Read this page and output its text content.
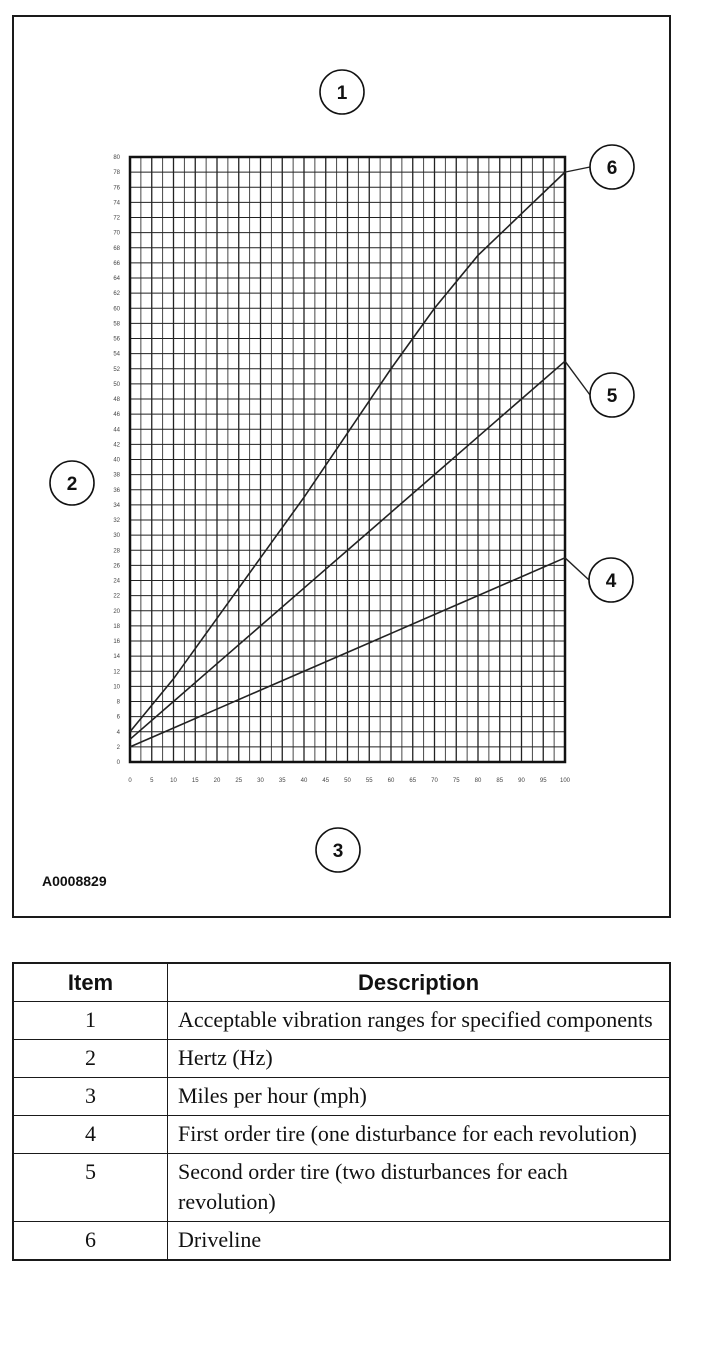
0	5	10	15	20	25	30	35	40	45	50	55	60	65	70	75	80	85	90	95 100
0
2
4
6
8
10
12
14
16
18
20
22
24
26
28
30
32
34
36
38
40
42
44
46
48
50
52
54
56
58
60
62
64
66
68
70
72
74
76
78
80
1
2
3
4
5
6
A0008829
Item	Description
1	Acceptable vibration ranges for specified components
2	Hertz (Hz)
3	Miles per hour (mph)
4	First order tire (one disturbance for each revolution)
5	Second order tire (two disturbances for each revolution)
6	Driveline
